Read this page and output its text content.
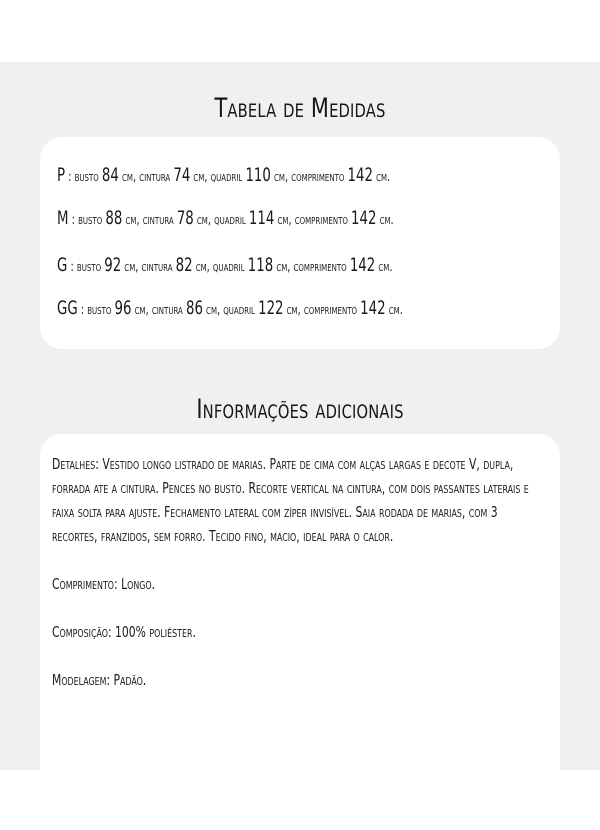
Tabela de Medidas
P : busto 84 cm, cintura 74 cm, quadril 110 cm, comprimento 142 cm.
M : busto 88 cm, cintura 78 cm, quadril 114 cm, comprimento 142 cm.
G : busto 92 cm, cintura 82 cm, quadril 118 cm, comprimento 142 cm.
GG : busto 96 cm, cintura 86 cm, quadril 122 cm, comprimento 142 cm.
Informações adicionais

Detalhes: Vestido longo listrado de marias. Parte de cima com alças largas e decote V, dupla, forrada ate a cintura. Pences no busto. Recorte vertical na cintura, com dois passantes laterais e faixa solta para ajuste. Fechamento lateral com zíper invisível. Saia rodada de marias, com 3 recortes, franzidos, sem forro. Tecido fino, macio, ideal para o calor.

Comprimento: Longo.

Composição: 100% poliéster.

Modelagem: Padão.
